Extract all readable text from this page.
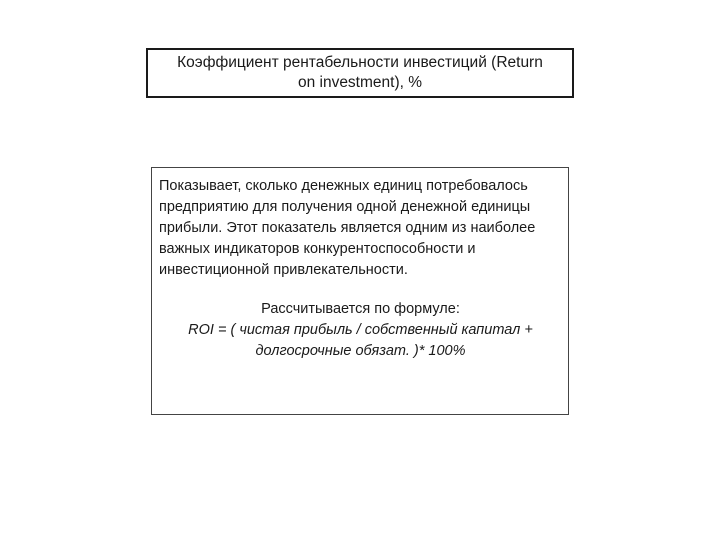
Коэффициент рентабельности инвестиций (Return
on investment), %

Показывает, сколько денежных единиц потребовалось предприятию для получения одной денежной единицы прибыли. Этот показатель является одним из наиболее важных индикаторов конкурентоспособности и инвестиционной привлекательности.

Рассчитывается по формуле:

ROI = ( чистая прибыль / собственный капитал +

долгосрочные обязат. )* 100%
